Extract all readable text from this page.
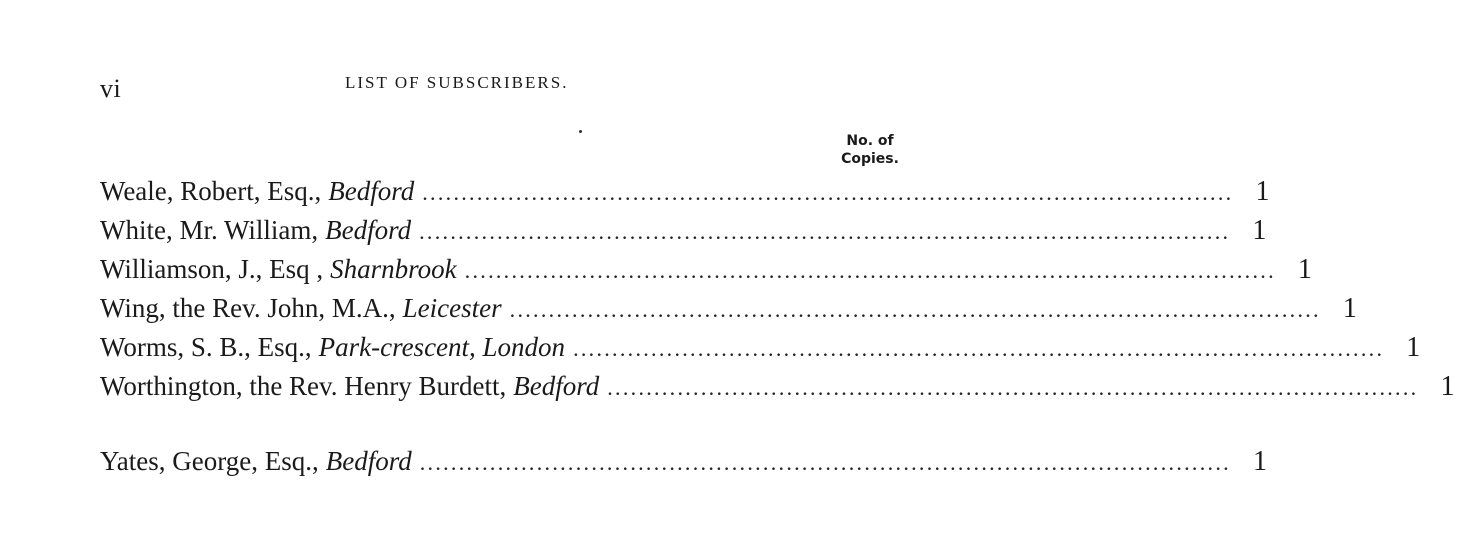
vi	LIST OF SUBSCRIBERS.
No. of
Copies.
Weale, Robert, Esq., Bedford ........................................................................................................ 1
White, Mr. William, Bedford ........................................................................................................ 1
Williamson, J., Esq , Sharnbrook ........................................................................................................ 1
Wing, the Rev. John, M.A., Leicester ........................................................................................................ 1
Worms, S. B., Esq., Park-crescent, London ........................................................................................................ 1
Worthington, the Rev. Henry Burdett, Bedford ........................................................................................................ 1
Yates, George, Esq., Bedford ........................................................................................................ 1
